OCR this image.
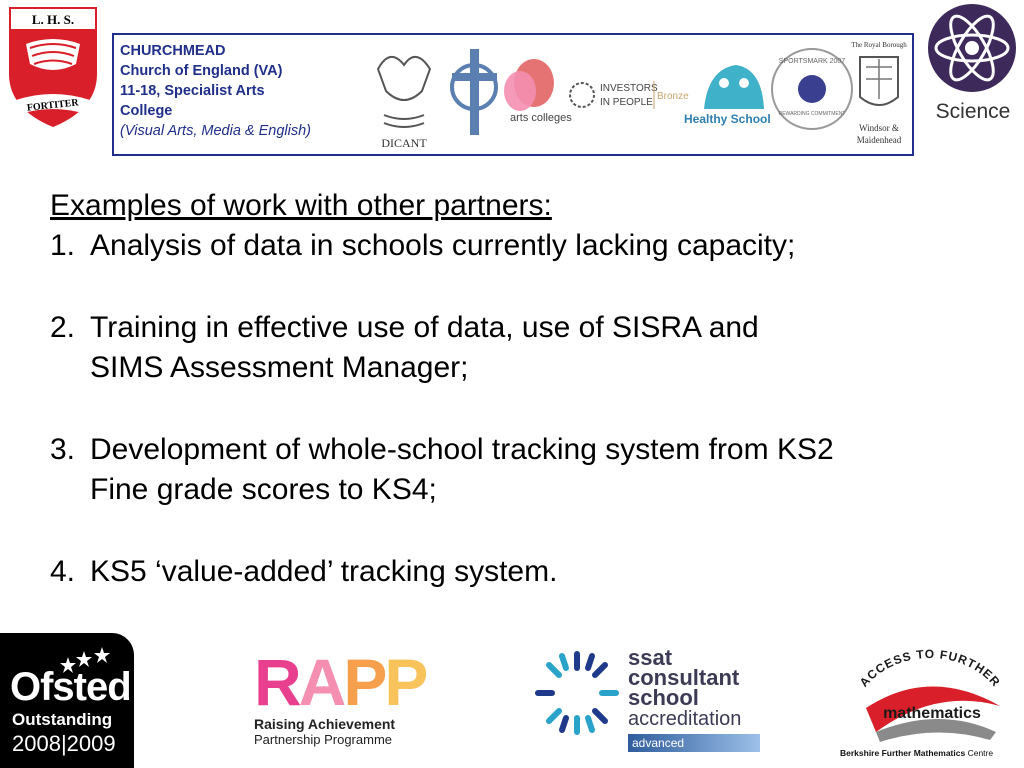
L. H. S.
FORTITER
CHURCHMEAD
Church of England (VA)
11-18, Specialist Arts
College
(Visual Arts, Media & English)
DICANT
arts colleges
INVESTORS
IN PEOPLE
Bronze
Healthy School
SPORTSMARK 2007
REWARDING COMMITMENT
The Royal Borough
Windsor &
Maidenhead
Science
Examples of work with other partners:
1. Analysis of data in schools currently lacking capacity;
2. Training in effective use of data, use of SISRA and
SIMS Assessment Manager;
3. Development of whole-school tracking system from KS2
Fine grade scores to KS4;
4. KS5 ‘value-added’ tracking system.
Ofsted
Outstanding
2008|2009
RAPP
Raising Achievement
Partnership Programme
ssat
consultant
school
accreditation
advanced
ACCESS TO FURTHER
mathematics
Berkshire Further Mathematics Centre
